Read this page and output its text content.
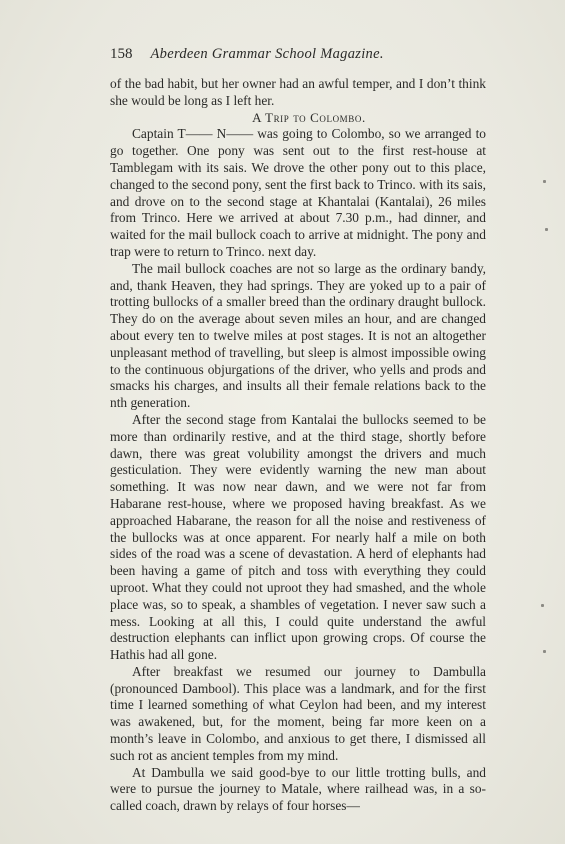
158 Aberdeen Grammar School Magazine.

of the bad habit, but her owner had an awful temper, and I don’t think she would be long as I left her.

A Trip to Colombo.

Captain T—— N—— was going to Colombo, so we arranged to go together. One pony was sent out to the first rest-house at Tamblegam with its sais. We drove the other pony out to this place, changed to the second pony, sent the first back to Trinco. with its sais, and drove on to the second stage at Khantalai (Kantalai), 26 miles from Trinco. Here we arrived at about 7.30 p.m., had dinner, and waited for the mail bullock coach to arrive at midnight. The pony and trap were to return to Trinco. next day.

The mail bullock coaches are not so large as the ordinary bandy, and, thank Heaven, they had springs. They are yoked up to a pair of trotting bullocks of a smaller breed than the ordinary draught bullock. They do on the average about seven miles an hour, and are changed about every ten to twelve miles at post stages. It is not an altogether unpleasant method of travelling, but sleep is almost impossible owing to the continuous objurgations of the driver, who yells and prods and smacks his charges, and insults all their female relations back to the nth generation.

After the second stage from Kantalai the bullocks seemed to be more than ordinarily restive, and at the third stage, shortly before dawn, there was great volubility amongst the drivers and much gesticulation. They were evidently warning the new man about something. It was now near dawn, and we were not far from Habarane rest-house, where we proposed having breakfast. As we approached Habarane, the reason for all the noise and restiveness of the bullocks was at once apparent. For nearly half a mile on both sides of the road was a scene of devastation. A herd of elephants had been having a game of pitch and toss with everything they could uproot. What they could not uproot they had smashed, and the whole place was, so to speak, a shambles of vegetation. I never saw such a mess. Looking at all this, I could quite understand the awful destruction elephants can inflict upon growing crops. Of course the Hathis had all gone.

After breakfast we resumed our journey to Dambulla (pronounced Dambool). This place was a landmark, and for the first time I learned something of what Ceylon had been, and my interest was awakened, but, for the moment, being far more keen on a month’s leave in Colombo, and anxious to get there, I dismissed all such rot as ancient temples from my mind.

At Dambulla we said good-bye to our little trotting bulls, and were to pursue the journey to Matale, where railhead was, in a so-called coach, drawn by relays of four horses—
